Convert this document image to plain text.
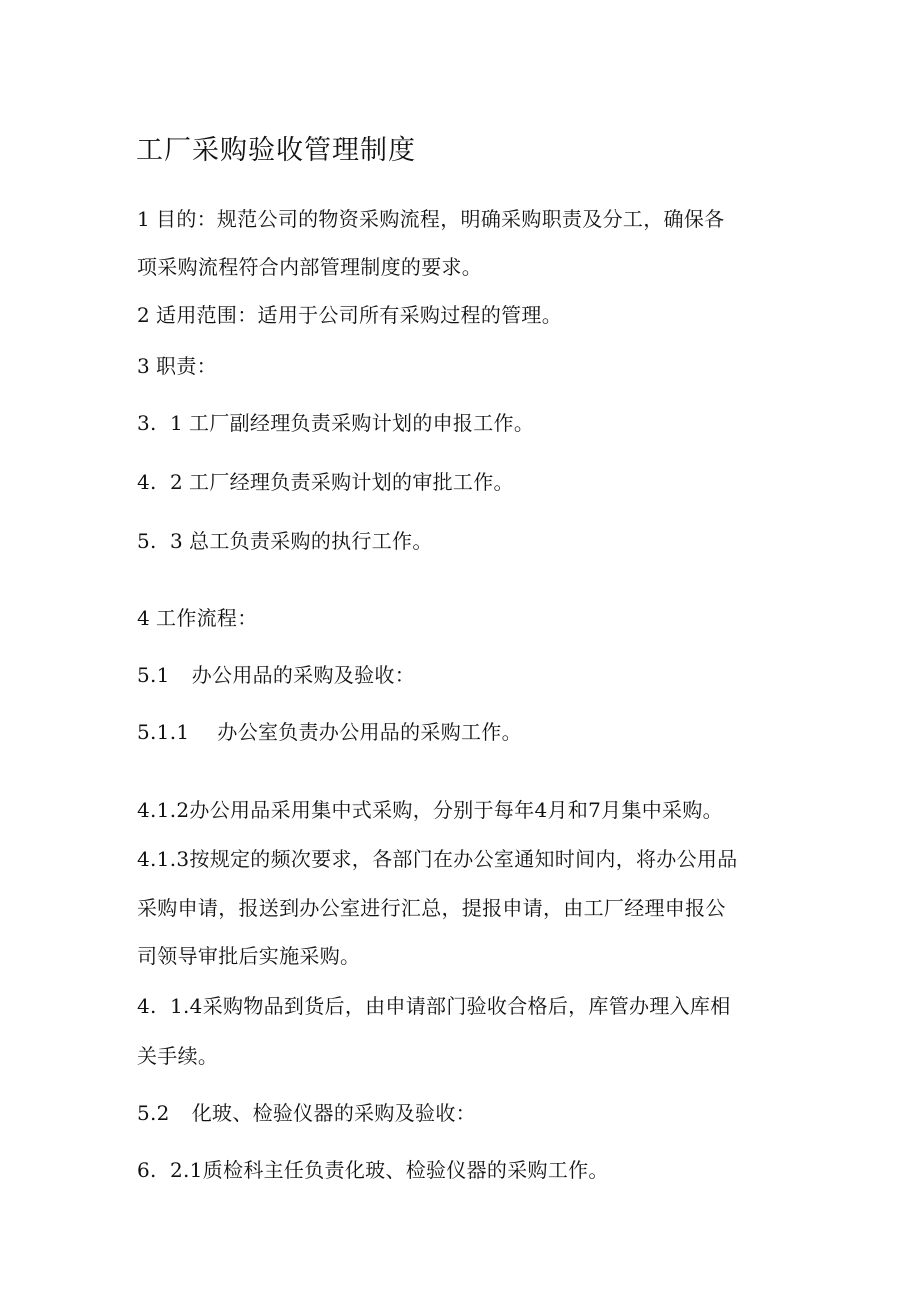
工厂采购验收管理制度
1 目的：规范公司的物资采购流程，明确采购职责及分工，确保各
项采购流程符合内部管理制度的要求。
2 适用范围：适用于公司所有采购过程的管理。
3 职责：
3.  1 工厂副经理负责采购计划的申报工作。
4.  2 工厂经理负责采购计划的审批工作。
5.  3 总工负责采购的执行工作。
4 工作流程：
5.1 办公用品的采购及验收：
5.1.1 办公室负责办公用品的采购工作。
4.1.2办公用品采用集中式采购，分别于每年4月和7月集中采购。
4.1.3按规定的频次要求，各部门在办公室通知时间内，将办公用品
采购申请，报送到办公室进行汇总，提报申请，由工厂经理申报公
司领导审批后实施采购。
4.  1.4采购物品到货后，由申请部门验收合格后，库管办理入库相
关手续。
5.2 化玻、检验仪器的采购及验收：
6.  2.1质检科主任负责化玻、检验仪器的采购工作。
